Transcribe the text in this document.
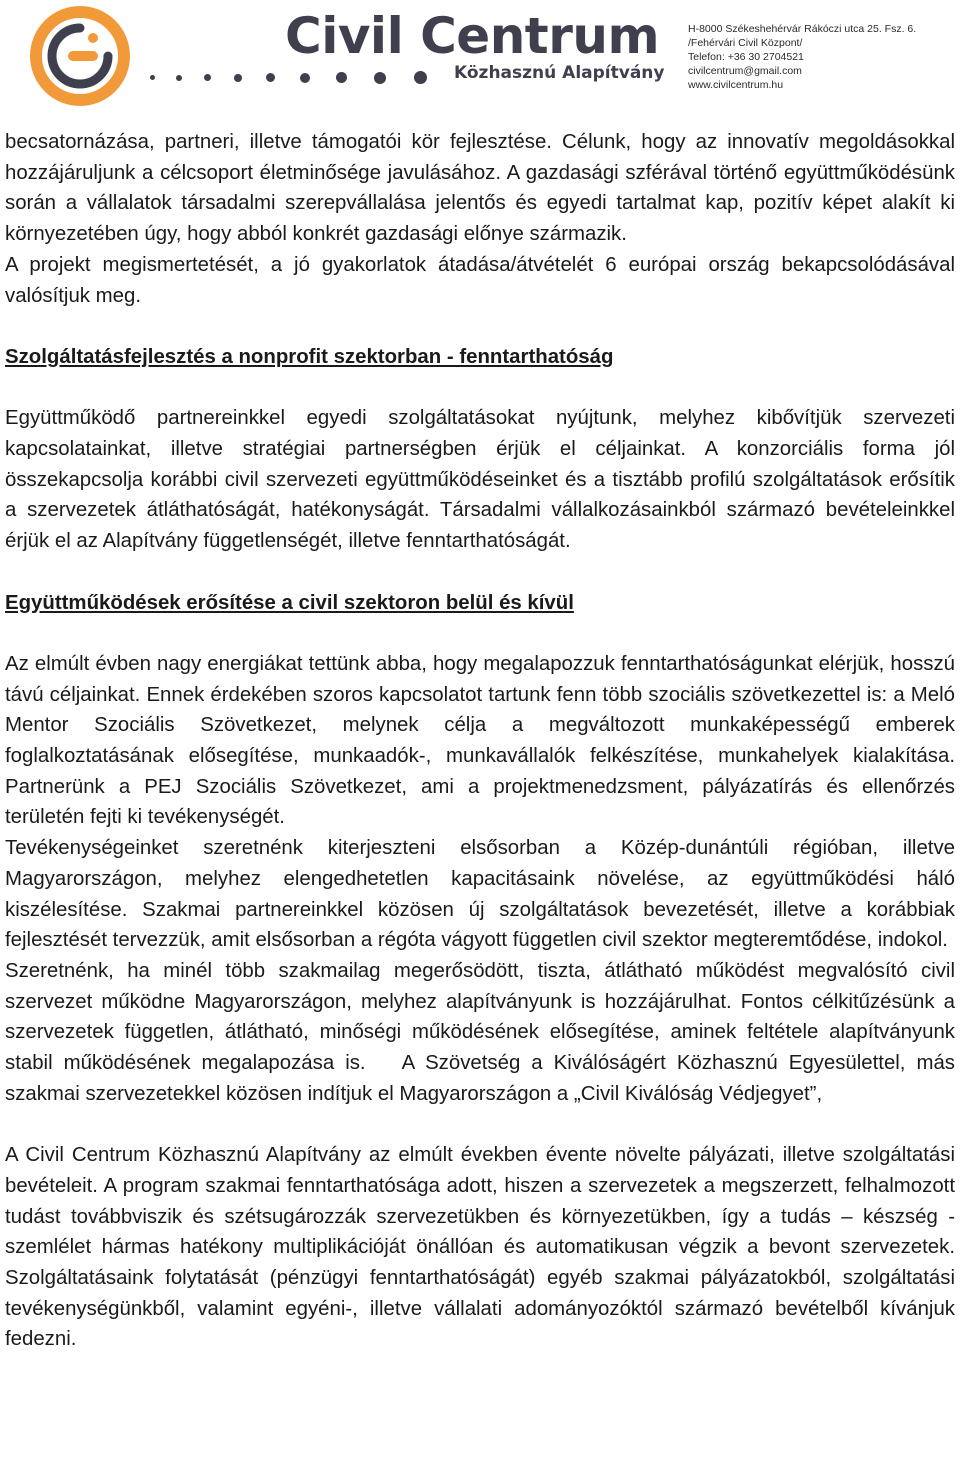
Civil Centrum
Közhasznú Alapítvány
H-8000 Székeshehérvár Rákóczi utca 25. Fsz. 6.
/Fehérvári Civil Központ/
Telefon: +36 30 2704521
civilcentrum@gmail.com
www.civilcentrum.hu

becsatornázása, partneri, illetve támogatói kör fejlesztése. Célunk, hogy az innovatív megoldásokkal hozzájáruljunk a célcsoport életminősége javulásához. A gazdasági szférával történő együttműködésünk során a vállalatok társadalmi szerepvállalása jelentős és egyedi tartalmat kap, pozitív képet alakít ki környezetében úgy, hogy abból konkrét gazdasági előnye származik.

A projekt megismertetését, a jó gyakorlatok átadása/átvételét 6 európai ország bekapcsolódásával valósítjuk meg.

Szolgáltatásfejlesztés a nonprofit szektorban - fenntarthatóság

Együttműködő partnereinkkel egyedi szolgáltatásokat nyújtunk, melyhez kibővítjük szervezeti kapcsolatainkat, illetve stratégiai partnerségben érjük el céljainkat. A konzorciális forma jól összekapcsolja korábbi civil szervezeti együttműködéseinket és a tisztább profilú szolgáltatások erősítik a szervezetek átláthatóságát, hatékonyságát. Társadalmi vállalkozásainkból származó bevételeinkkel érjük el az Alapítvány függetlenségét, illetve fenntarthatóságát.

Együttműködések erősítése a civil szektoron belül és kívül

Az elmúlt évben nagy energiákat tettünk abba, hogy megalapozzuk fenntarthatóságunkat elérjük, hosszú távú céljainkat. Ennek érdekében szoros kapcsolatot tartunk fenn több szociális szövetkezettel is: a Meló Mentor Szociális Szövetkezet, melynek célja a megváltozott munkaképességű emberek foglalkoztatásának elősegítése, munkaadók-, munkavállalók felkészítése, munkahelyek kialakítása. Partnerünk a PEJ Szociális Szövetkezet, ami a projektmenedzsment, pályázatírás és ellenőrzés területén fejti ki tevékenységét.

Tevékenységeinket szeretnénk kiterjeszteni elsősorban a Közép-dunántúli régióban, illetve Magyarországon, melyhez elengedhetetlen kapacitásaink növelése, az együttműködési háló kiszélesítése. Szakmai partnereinkkel közösen új szolgáltatások bevezetését, illetve a korábbiak fejlesztését tervezzük, amit elsősorban a régóta vágyott független civil szektor megteremtődése, indokol.

Szeretnénk, ha minél több szakmailag megerősödött, tiszta, átlátható működést megvalósító civil szervezet működne Magyarországon, melyhez alapítványunk is hozzájárulhat. Fontos célkitűzésünk a szervezetek független, átlátható, minőségi működésének elősegítése, aminek feltétele alapítványunk stabil működésének megalapozása is. A Szövetség a Kiválóságért Közhasznú Egyesülettel, más szakmai szervezetekkel közösen indítjuk el Magyarországon a „Civil Kiválóság Védjegyet”,

A Civil Centrum Közhasznú Alapítvány az elmúlt években évente növelte pályázati, illetve szolgáltatási bevételeit. A program szakmai fenntarthatósága adott, hiszen a szervezetek a megszerzett, felhalmozott tudást továbbviszik és szétsugározzák szervezetükben és környezetükben, így a tudás – készség - szemlélet hármas hatékony multiplikációját önállóan és automatikusan végzik a bevont szervezetek. Szolgáltatásaink folytatását (pénzügyi fenntarthatóságát) egyéb szakmai pályázatokból, szolgáltatási tevékenységünkből, valamint egyéni-, illetve vállalati adományozóktól származó bevételből kívánjuk fedezni.
